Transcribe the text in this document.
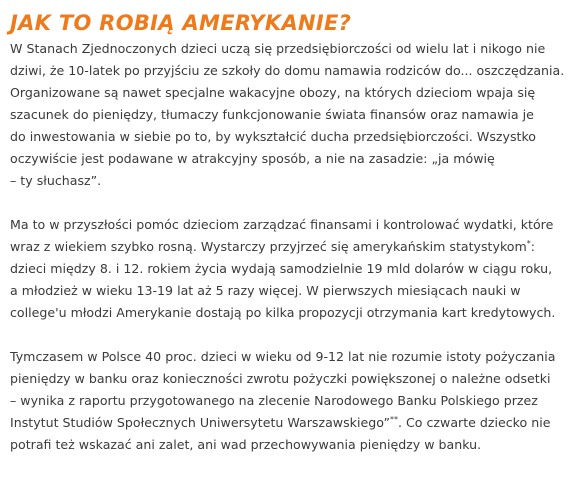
JAK TO ROBIĄ AMERYKANIE?

W Stanach Zjednoczonych dzieci uczą się przedsiębiorczości od wielu lat i nikogo nie
dziwi, że 10-latek po przyjściu ze szkoły do domu namawia rodziców do... oszczędzania.
Organizowane są nawet specjalne wakacyjne obozy, na których dzieciom wpaja się
szacunek do pieniędzy, tłumaczy funkcjonowanie świata finansów oraz namawia je
do inwestowania w siebie po to, by wykształcić ducha przedsiębiorczości. Wszystko
oczywiście jest podawane w atrakcyjny sposób, a nie na zasadzie: „ja mówię
– ty słuchasz”.

Ma to w przyszłości pomóc dzieciom zarządzać finansami i kontrolować wydatki, które
wraz z wiekiem szybko rosną. Wystarczy przyjrzeć się amerykańskim statystykom*:
dzieci między 8. i 12. rokiem życia wydają samodzielnie 19 mld dolarów w ciągu roku,
a młodzież w wieku 13-19 lat aż 5 razy więcej. W pierwszych miesiącach nauki w
college'u młodzi Amerykanie dostają po kilka propozycji otrzymania kart kredytowych.

Tymczasem w Polsce 40 proc. dzieci w wieku od 9-12 lat nie rozumie istoty pożyczania
pieniędzy w banku oraz konieczności zwrotu pożyczki powiększonej o należne odsetki
– wynika z raportu przygotowanego na zlecenie Narodowego Banku Polskiego przez
Instytut Studiów Społecznych Uniwersytetu Warszawskiego”**. Co czwarte dziecko nie
potrafi też wskazać ani zalet, ani wad przechowywania pieniędzy w banku.
